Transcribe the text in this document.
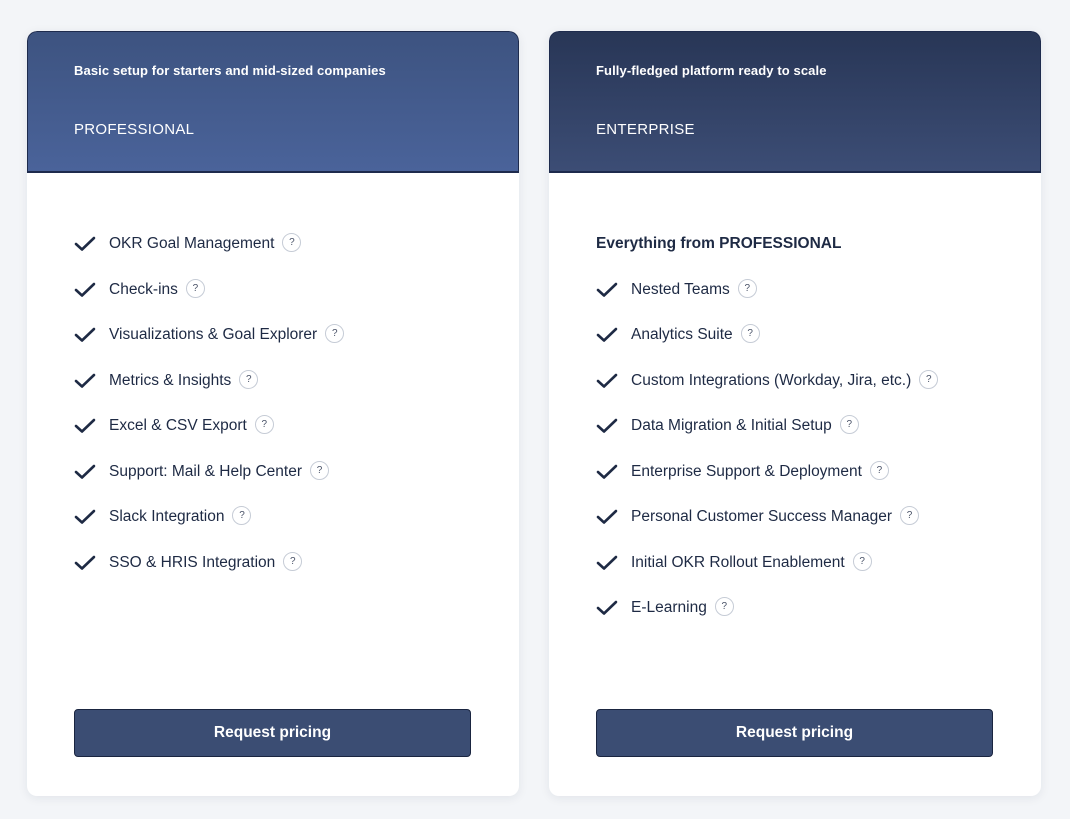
Basic setup for starters and mid-sized companies
PROFESSIONAL
OKR Goal Management	?
Check-ins	?
Visualizations & Goal Explorer	?
Metrics & Insights	?
Excel & CSV Export	?
Support: Mail & Help Center	?
Slack Integration	?
SSO & HRIS Integration	?
Request pricing
Fully-fledged platform ready to scale
ENTERPRISE
Everything from PROFESSIONAL
Nested Teams	?
Analytics Suite	?
Custom Integrations (Workday, Jira, etc.)	?
Data Migration & Initial Setup	?
Enterprise Support & Deployment	?
Personal Customer Success Manager	?
Initial OKR Rollout Enablement	?
E-Learning	?
Request pricing
